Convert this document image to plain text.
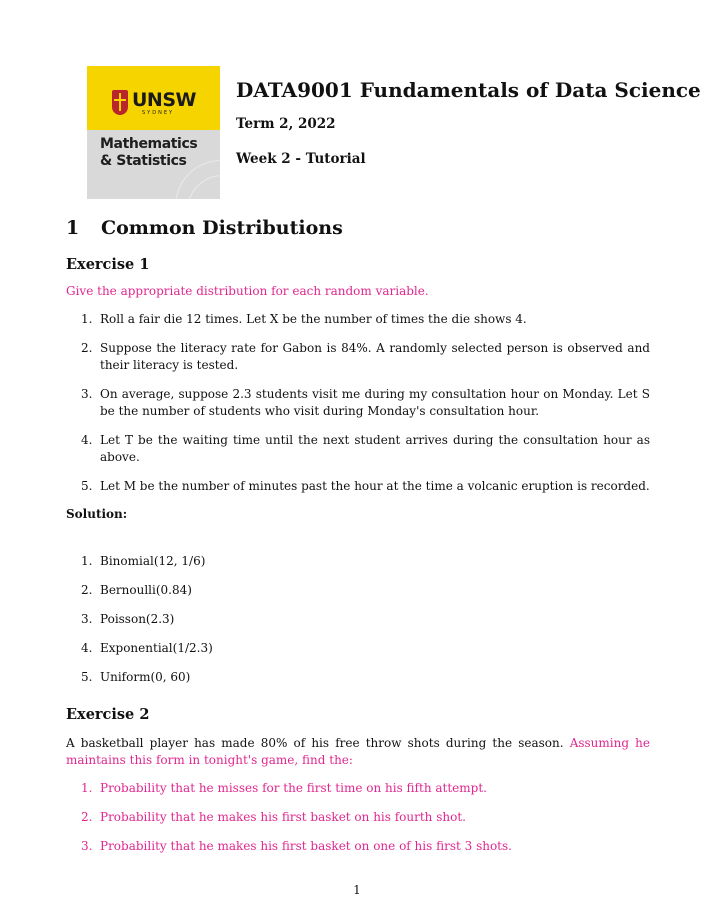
UNSW
SYDNEY
Mathematics
& Statistics
DATA9001 Fundamentals of Data Science
Term 2, 2022
Week 2 - Tutorial
1 Common Distributions
Exercise 1
Give the appropriate distribution for each random variable.
1. Roll a fair die 12 times. Let X be the number of times the die shows 4.
2. Suppose the literacy rate for Gabon is 84%. A randomly selected person is observed and their literacy is tested.
3. On average, suppose 2.3 students visit me during my consultation hour on Monday. Let S be the number of students who visit during Monday's consultation hour.
4. Let T be the waiting time until the next student arrives during the consultation hour as above.
5. Let M be the number of minutes past the hour at the time a volcanic eruption is recorded.
Solution:
1. Binomial(12, 1/6)
2. Bernoulli(0.84)
3. Poisson(2.3)
4. Exponential(1/2.3)
5. Uniform(0, 60)
Exercise 2
A basketball player has made 80% of his free throw shots during the season. Assuming he maintains this form in tonight's game, find the:
1. Probability that he misses for the first time on his fifth attempt.
2. Probability that he makes his first basket on his fourth shot.
3. Probability that he makes his first basket on one of his first 3 shots.
1
